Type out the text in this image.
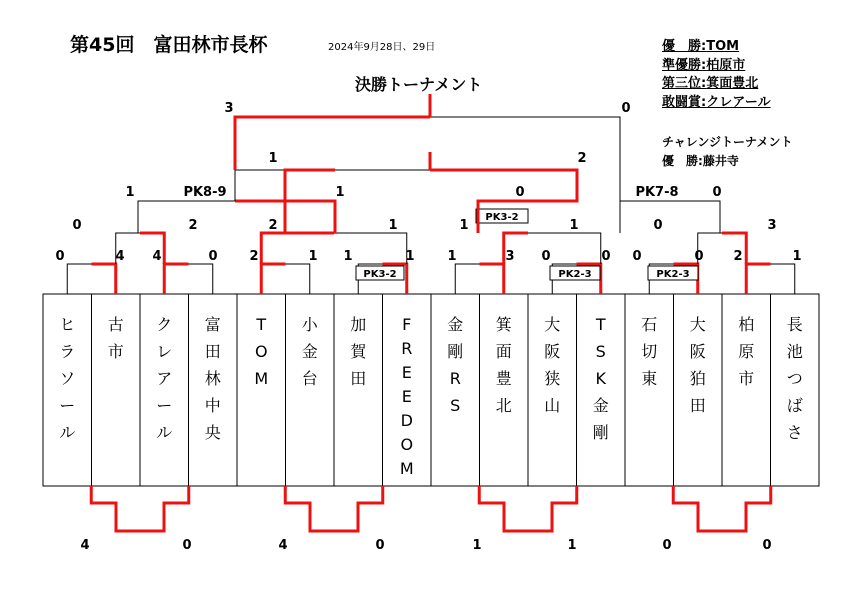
ヒラソール
古市
クレアール
富田林中央
T O M
小金台
加賀田
F R E E D O M
金剛 R S
箕面豊北
大阪狭山
T S K 金剛
石切東
大阪狛田
柏原市
長池つばさ
0	4 4	0 2	1 1	1	1	3 0	0 0	0 2	1
PK3-2	PK2-3	PK2-3
0	2	2	1	1	1	0	3
PK3-2
1	1	0	0
PK8-9	PK7-8
1	2
3	0
4	0	4	0	1	1	0	0
第45回　富田林市長杯	2024年9月28日、29日	優　勝:TOM
準優勝:柏原市
第三位:箕面豊北
敢闘賞:クレアール
チャレンジトーナメント
優　勝:藤井寺
決勝トーナメント
